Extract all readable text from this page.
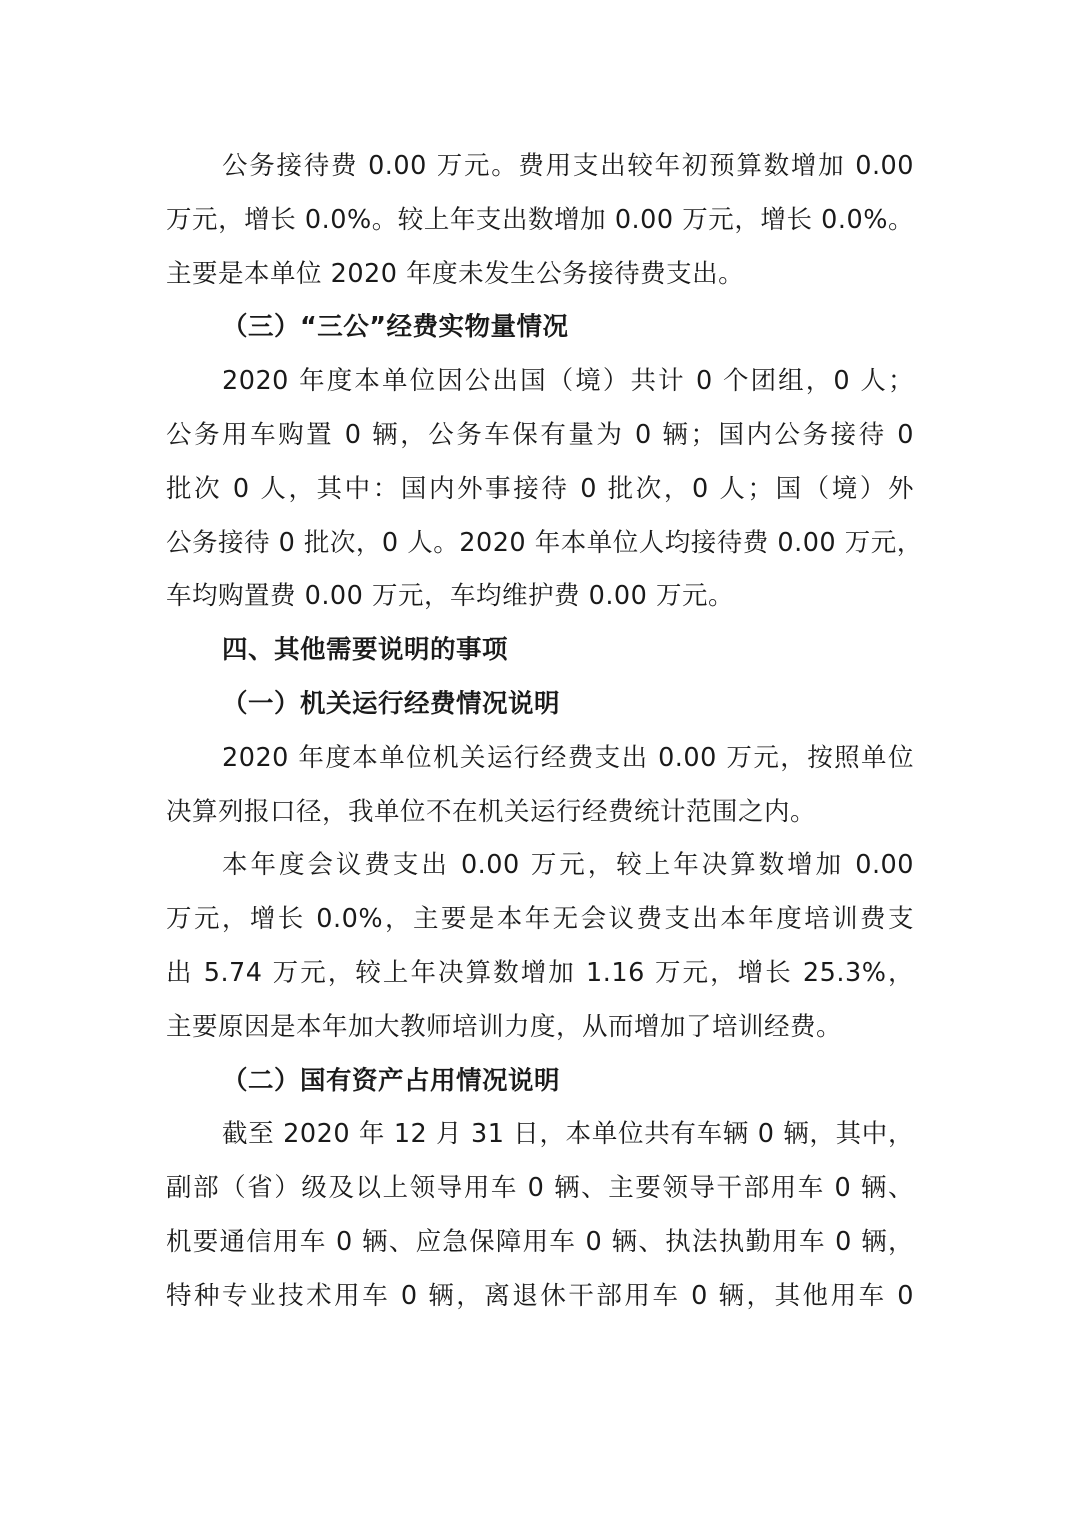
公务接待费 0.00 万元。费用支出较年初预算数增加 0.00
万元，增长 0.0%。较上年支出数增加 0.00 万元，增长 0.0%。
主要是本单位 2020 年度未发生公务接待费支出。

（三）“三公”经费实物量情况

2020 年度本单位因公出国（境）共计 0 个团组，0 人；
公务用车购置 0 辆，公务车保有量为 0 辆；国内公务接待 0
批次 0 人，其中：国内外事接待 0 批次，0 人；国（境）外
公务接待 0 批次，0 人。2020 年本单位人均接待费 0.00 万元，
车均购置费 0.00 万元，车均维护费 0.00 万元。

四、其他需要说明的事项

（一）机关运行经费情况说明

2020 年度本单位机关运行经费支出 0.00 万元，按照单位
决算列报口径，我单位不在机关运行经费统计范围之内。

本年度会议费支出 0.00 万元，较上年决算数增加 0.00
万元，增长 0.0%，主要是本年无会议费支出本年度培训费支
出 5.74 万元，较上年决算数增加 1.16 万元，增长 25.3%，
主要原因是本年加大教师培训力度，从而增加了培训经费。

（二）国有资产占用情况说明

截至 2020 年 12 月 31 日，本单位共有车辆 0 辆，其中，
副部（省）级及以上领导用车 0 辆、主要领导干部用车 0 辆、
机要通信用车 0 辆、应急保障用车 0 辆、执法执勤用车 0 辆，
特种专业技术用车 0 辆，离退休干部用车 0 辆，其他用车 0
